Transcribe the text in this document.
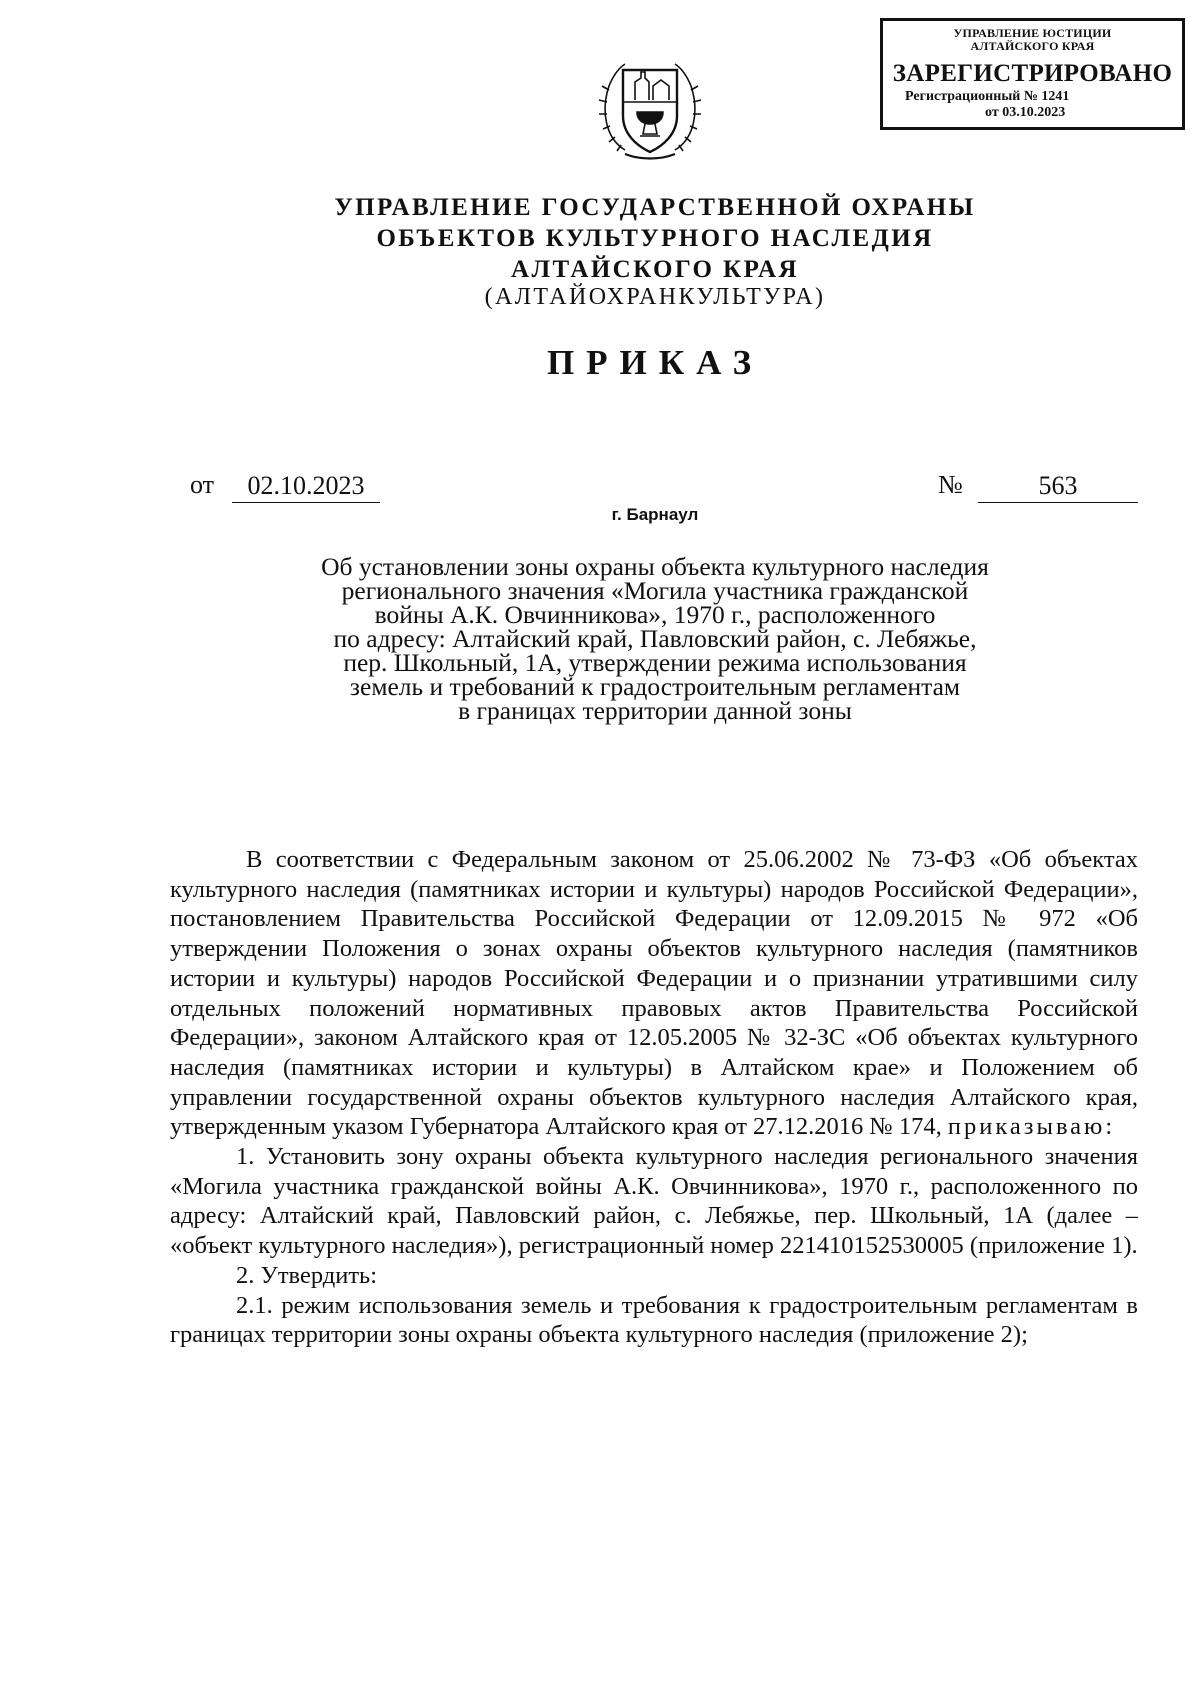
УПРАВЛЕНИЕ ЮСТИЦИИ
АЛТАЙСКОГО КРАЯ
ЗАРЕГИСТРИРОВАНО
Регистрационный № 1241
от 03.10.2023
УПРАВЛЕНИЕ ГОСУДАРСТВЕННОЙ ОХРАНЫ
ОБЪЕКТОВ КУЛЬТУРНОГО НАСЛЕДИЯ
АЛТАЙСКОГО КРАЯ
(АЛТАЙОХРАНКУЛЬТУРА)
ПРИКАЗ
от	02.10.2023	№	563
г. Барнаул
Об установлении зоны охраны объекта культурного наследия
регионального значения «Могила участника гражданской
войны А.К. Овчинникова», 1970 г., расположенного
по адресу: Алтайский край, Павловский район, с. Лебяжье,
пер. Школьный, 1А, утверждении режима использования
земель и требований к градостроительным регламентам
в границах территории данной зоны

В соответствии с Федеральным законом от 25.06.2002 № 73-ФЗ «Об объектах культурного наследия (памятниках истории и культуры) народов Российской Федерации», постановлением Правительства Российской Федерации от 12.09.2015 № 972 «Об утверждении Положения о зонах охраны объектов культурного наследия (памятников истории и культуры) народов Российской Федерации и о признании утратившими силу отдельных положений нормативных правовых актов Правительства Российской Федерации», законом Алтайского края от 12.05.2005 № 32-ЗС «Об объектах культурного наследия (памятниках истории и культуры) в Алтайском крае» и Положением об управлении государственной охраны объектов культурного наследия Алтайского края, утвержденным указом Губернатора Алтайского края от 27.12.2016 № 174, приказываю:

1. Установить зону охраны объекта культурного наследия регионального значения «Могила участника гражданской войны А.К. Овчинникова», 1970 г., расположенного по адресу: Алтайский край, Павловский район, с. Лебяжье, пер. Школьный, 1А (далее – «объект культурного наследия»), регистрационный номер 221410152530005 (приложение 1).

2. Утвердить:

2.1. режим использования земель и требования к градостроительным регламентам в границах территории зоны охраны объекта культурного наследия (приложение 2);
